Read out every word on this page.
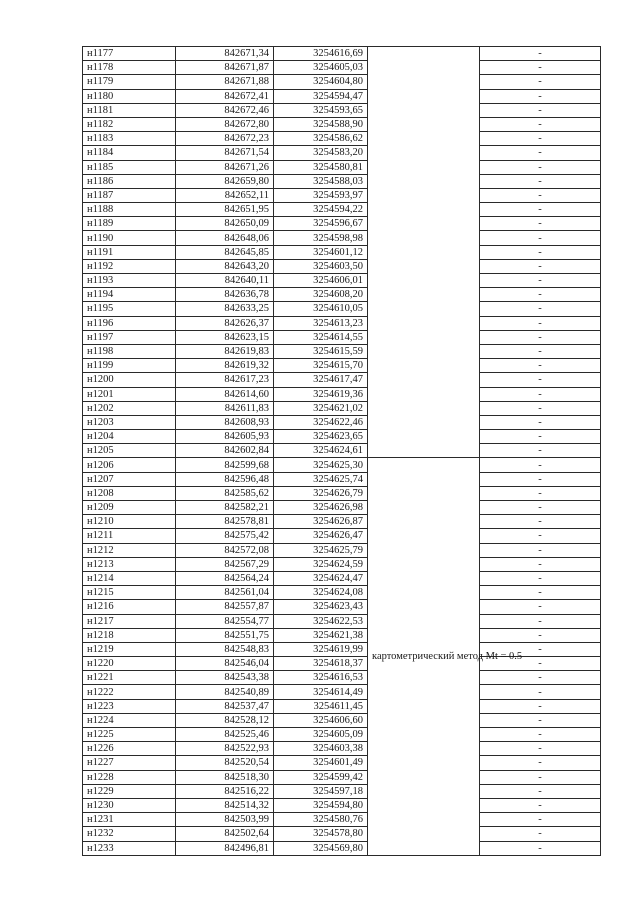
н1177	842671,34	3254616,69		-
н1178	842671,87	3254605,03		-
н1179	842671,88	3254604,80		-
н1180	842672,41	3254594,47		-
н1181	842672,46	3254593,65		-
н1182	842672,80	3254588,90		-
н1183	842672,23	3254586,62		-
н1184	842671,54	3254583,20		-
н1185	842671,26	3254580,81		-
н1186	842659,80	3254588,03		-
н1187	842652,11	3254593,97		-
н1188	842651,95	3254594,22		-
н1189	842650,09	3254596,67		-
н1190	842648,06	3254598,98		-
н1191	842645,85	3254601,12		-
н1192	842643,20	3254603,50		-
н1193	842640,11	3254606,01		-
н1194	842636,78	3254608,20		-
н1195	842633,25	3254610,05		-
н1196	842626,37	3254613,23		-
н1197	842623,15	3254614,55		-
н1198	842619,83	3254615,59		-
н1199	842619,32	3254615,70		-
н1200	842617,23	3254617,47		-
н1201	842614,60	3254619,36		-
н1202	842611,83	3254621,02		-
н1203	842608,93	3254622,46		-
н1204	842605,93	3254623,65		-
н1205	842602,84	3254624,61		-
н1206	842599,68	3254625,30	картометрический метод Mt = 0.5	-
н1207	842596,48	3254625,74		-
н1208	842585,62	3254626,79		-
н1209	842582,21	3254626,98		-
н1210	842578,81	3254626,87		-
н1211	842575,42	3254626,47		-
н1212	842572,08	3254625,79		-
н1213	842567,29	3254624,59		-
н1214	842564,24	3254624,47		-
н1215	842561,04	3254624,08		-
н1216	842557,87	3254623,43		-
н1217	842554,77	3254622,53		-
н1218	842551,75	3254621,38		-
н1219	842548,83	3254619,99		-
н1220	842546,04	3254618,37		-
н1221	842543,38	3254616,53		-
н1222	842540,89	3254614,49		-
н1223	842537,47	3254611,45		-
н1224	842528,12	3254606,60		-
н1225	842525,46	3254605,09		-
н1226	842522,93	3254603,38		-
н1227	842520,54	3254601,49		-
н1228	842518,30	3254599,42		-
н1229	842516,22	3254597,18		-
н1230	842514,32	3254594,80		-
н1231	842503,99	3254580,76		-
н1232	842502,64	3254578,80		-
н1233	842496,81	3254569,80		-
